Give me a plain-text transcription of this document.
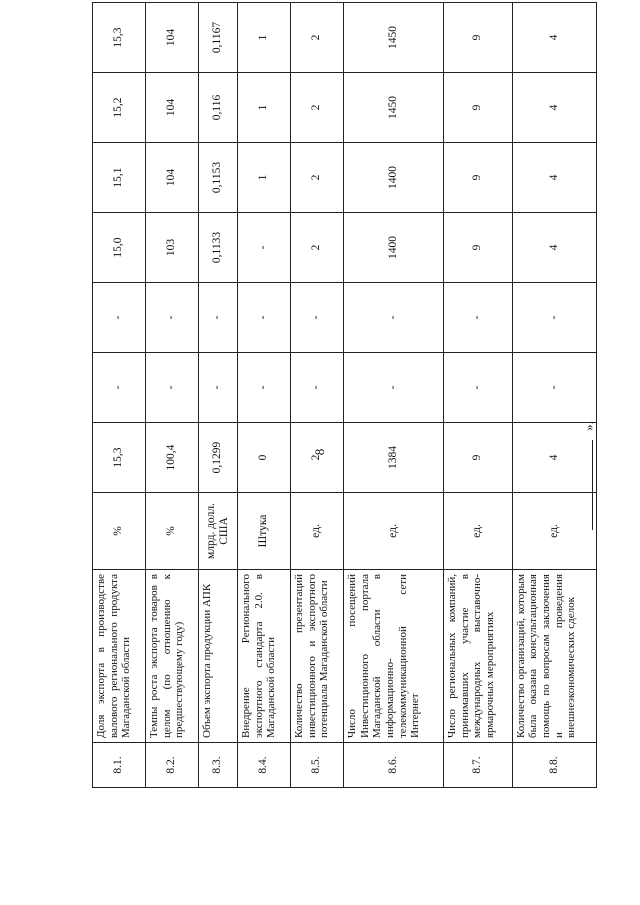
8
8.1.	Доля экспорта в производстве валового регионального продукта Магаданской области	%	15,3	-	-	15,0	15,1	15,2	15,3
8.2.	Темпы роста экспорта товаров в целом (по отношению к предшествующему году)	%	100,4	-	-	103	104	104	104
8.3.	Объем экспорта продукции АПК	млрд. долл. США	0,1299	-	-	0,1133	0,1153	0,116	0,1167
8.4.	Внедрение Регионального экспортного стандарта 2.0. в Магаданской области	Штука	0	-	-	-	1	1	1
8.5.	Количество презентаций инвестиционного и экспортного потенциала Магаданской области	ед.	2	-	-	2	2	2	2
8.6.	Число посещений Инвестиционного портала Магаданской области в информационно-телекоммуникационной сети Интернет	ед.	1384	-	-	1400	1400	1450	1450
8.7.	Число региональных компаний, принимавших участие в международных выставочно-ярмарочных мероприятиях	ед.	9	-	-	9	9	9	9
8.8.	Количество организаций, которым была оказана консультационная помощь по вопросам заключения и проведения внешнеэкономических сделок	ед.	4	-	-	4	4	4	4
».
